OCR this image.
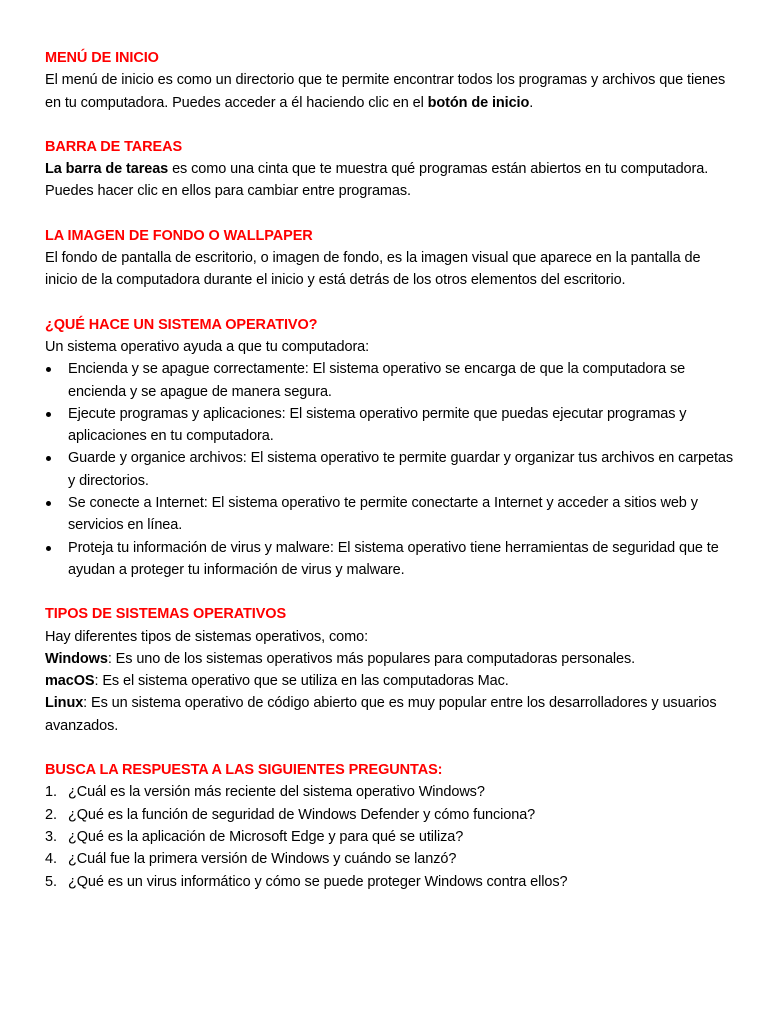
MENÚ DE INICIO

El menú de inicio es como un directorio que te permite encontrar todos los programas y archivos que tienes en tu computadora. Puedes acceder a él haciendo clic en el botón de inicio.

BARRA DE TAREAS

La barra de tareas es como una cinta que te muestra qué programas están abiertos en tu computadora. Puedes hacer clic en ellos para cambiar entre programas.

LA IMAGEN DE FONDO O WALLPAPER

El fondo de pantalla de escritorio, o imagen de fondo, es la imagen visual que aparece en la pantalla de inicio de la computadora durante el inicio y está detrás de los otros elementos del escritorio.

¿QUÉ HACE UN SISTEMA OPERATIVO?

Un sistema operativo ayuda a que tu computadora:

Encienda y se apague correctamente: El sistema operativo se encarga de que la computadora se encienda y se apague de manera segura.
Ejecute programas y aplicaciones: El sistema operativo permite que puedas ejecutar programas y aplicaciones en tu computadora.
Guarde y organice archivos: El sistema operativo te permite guardar y organizar tus archivos en carpetas y directorios.
Se conecte a Internet: El sistema operativo te permite conectarte a Internet y acceder a sitios web y servicios en línea.
Proteja tu información de virus y malware: El sistema operativo tiene herramientas de seguridad que te ayudan a proteger tu información de virus y malware.
TIPOS DE SISTEMAS OPERATIVOS

Hay diferentes tipos de sistemas operativos, como:

Windows: Es uno de los sistemas operativos más populares para computadoras personales.

macOS: Es el sistema operativo que se utiliza en las computadoras Mac.

Linux: Es un sistema operativo de código abierto que es muy popular entre los desarrolladores y usuarios avanzados.

BUSCA LA RESPUESTA A LAS SIGUIENTES PREGUNTAS:
1. ¿Cuál es la versión más reciente del sistema operativo Windows?
2. ¿Qué es la función de seguridad de Windows Defender y cómo funciona?
3. ¿Qué es la aplicación de Microsoft Edge y para qué se utiliza?
4. ¿Cuál fue la primera versión de Windows y cuándo se lanzó?
5. ¿Qué es un virus informático y cómo se puede proteger Windows contra ellos?
